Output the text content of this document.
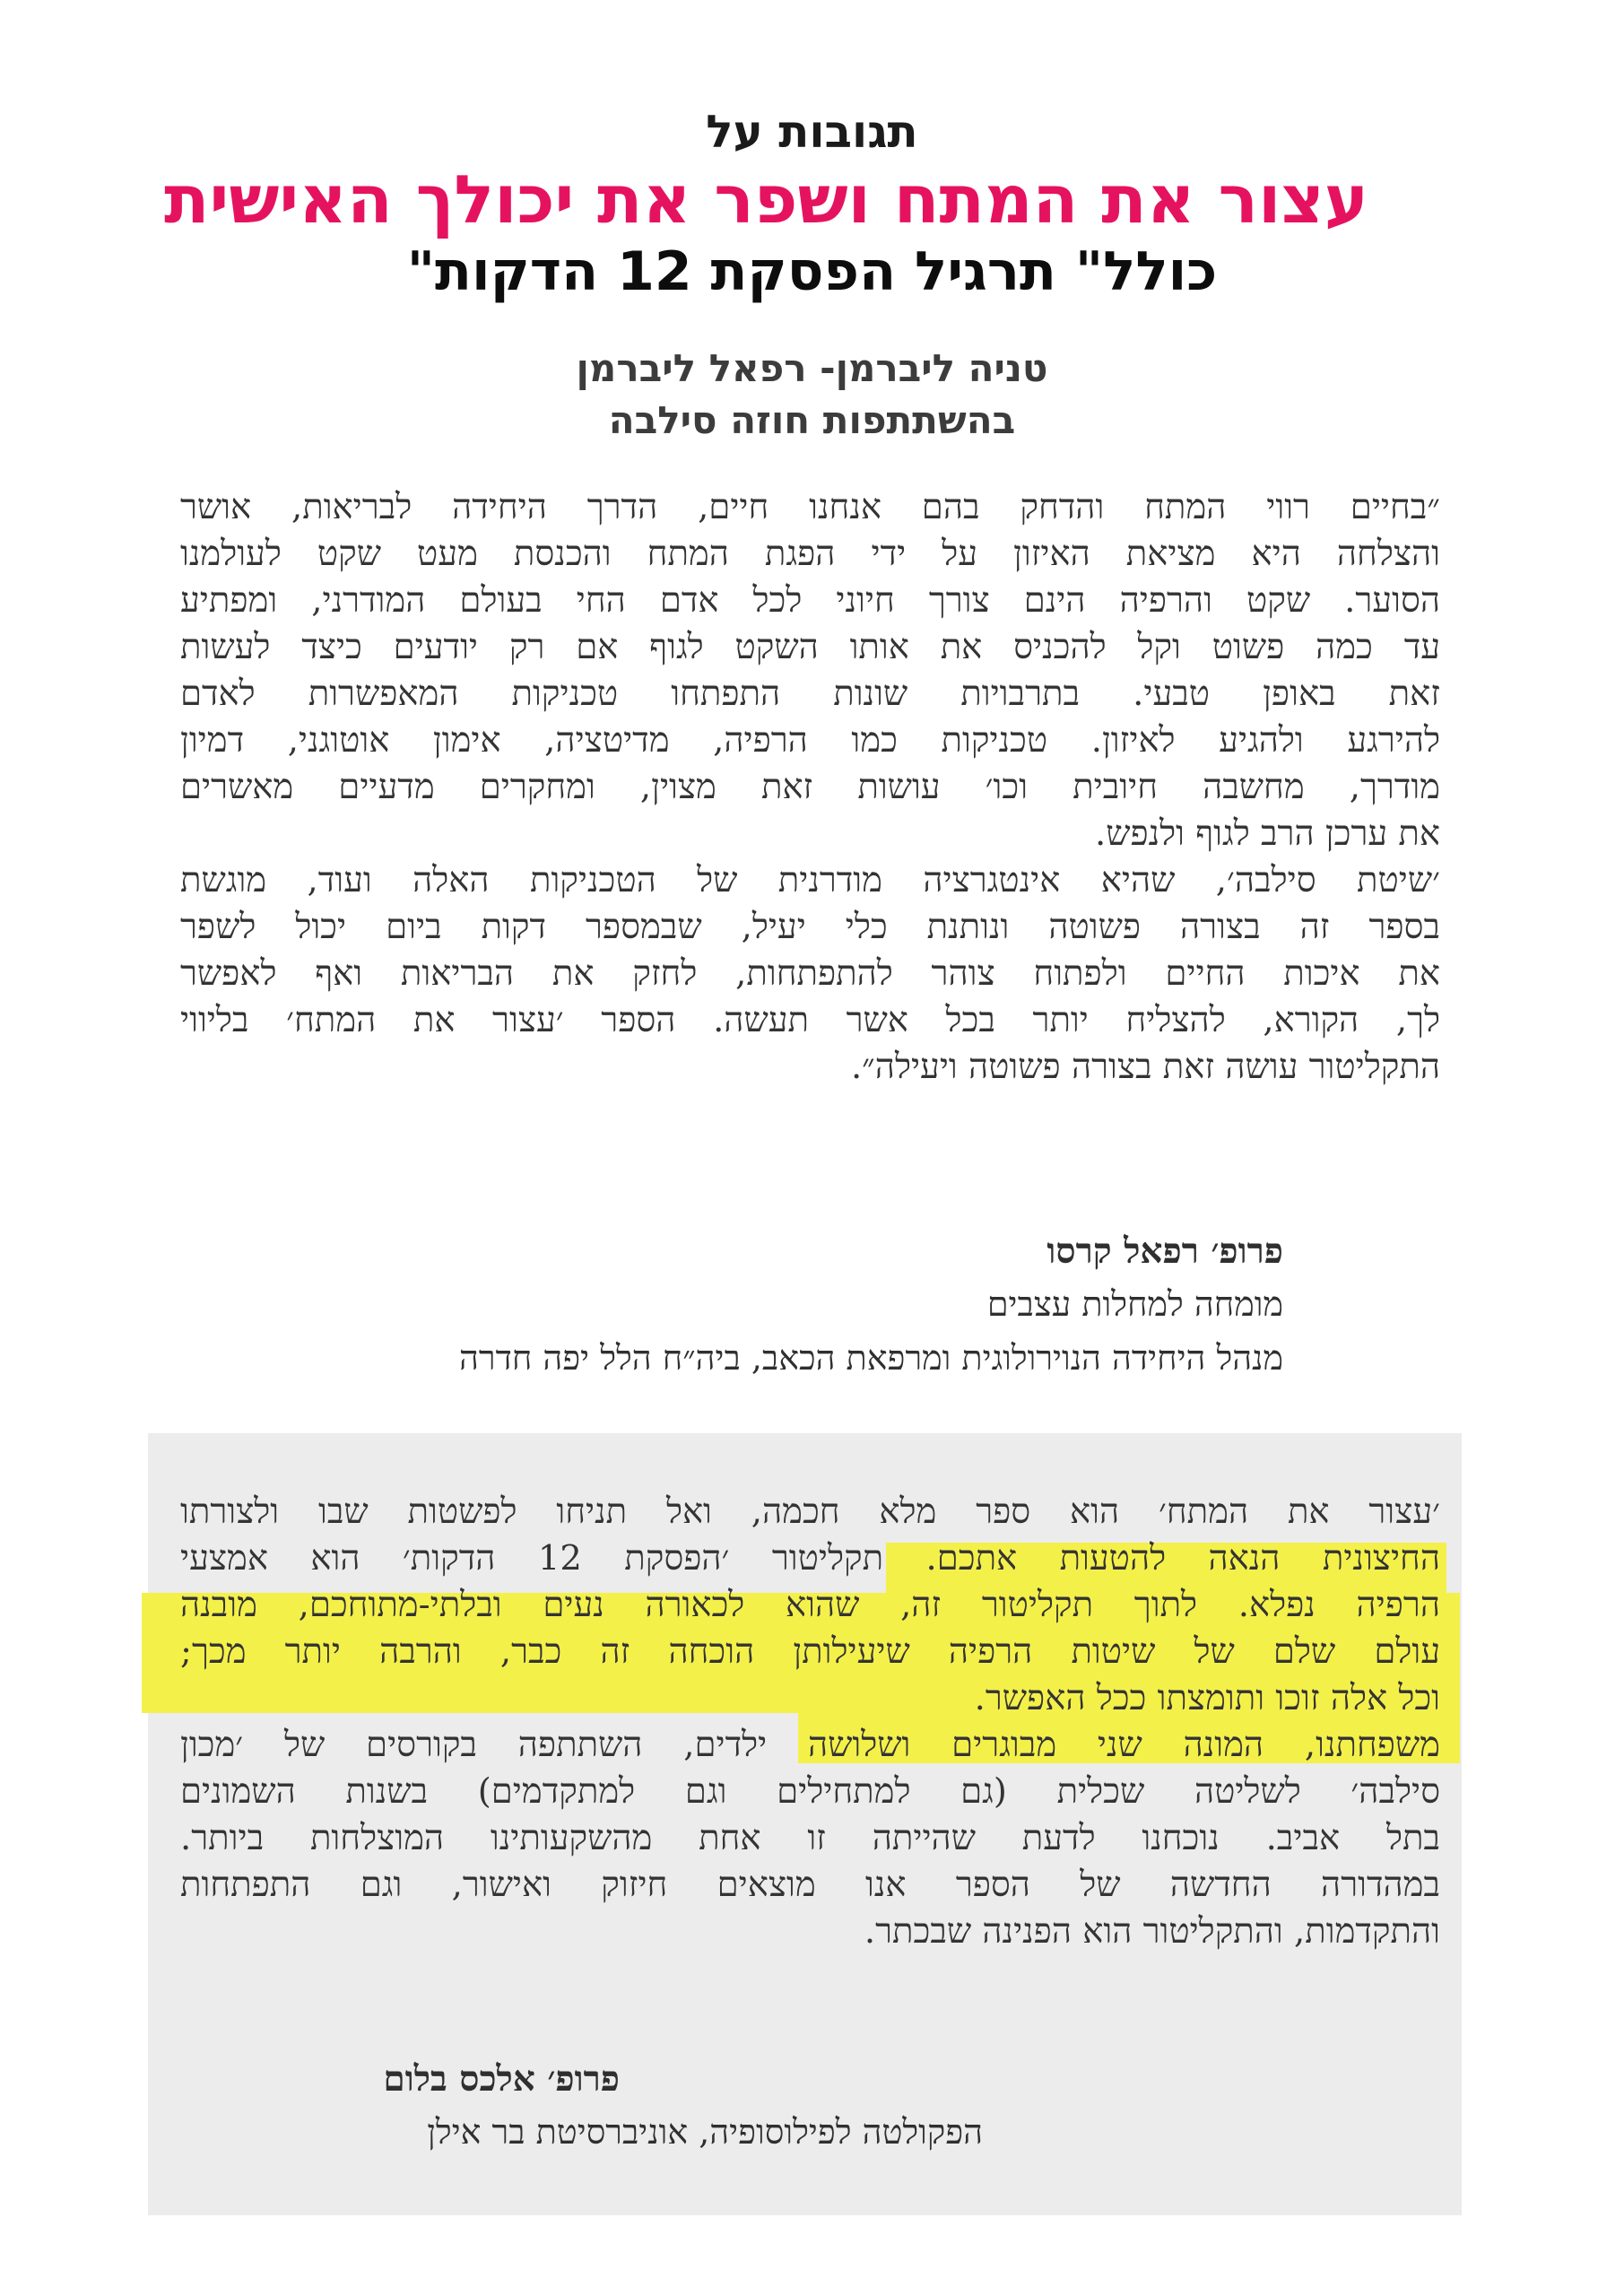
תגובות על
עצור את המתח ושפר את יכולך האישית
כולל" תרגיל הפסקת 12 הדקות"
טניה ליברמן- רפאל ליברמן
בהשתתפות חוזה סילבה
״בחיים רווי המתח והדחק בהם אנחנו חיים, הדרך היחידה לבריאות, אושר
והצלחה היא מציאת האיזון על ידי הפגת המתח והכנסת מעט שקט לעולמנו
הסוער. שקט והרפיה הינם צורך חיוני לכל אדם החי בעולם המודרני, ומפתיע
עד כמה פשוט וקל להכניס את אותו השקט לגוף אם רק יודעים כיצד לעשות
זאת באופן טבעי. בתרבויות שונות התפתחו טכניקות המאפשרות לאדם
להירגע ולהגיע לאיזון. טכניקות כמו הרפיה, מדיטציה, אימון אוטוגני, דמיון
מודרך, מחשבה חיובית וכו׳ עושות זאת מצוין, ומחקרים מדעיים מאשרים
את ערכן הרב לגוף ולנפש.
׳שיטת סילבה׳, שהיא אינטגרציה מודרנית של הטכניקות האלה ועוד, מוגשת
בספר זה בצורה פשוטה ונותנת כלי יעיל, שבמספר דקות ביום יכול לשפר
את איכות החיים ולפתוח צוהר להתפתחות, לחזק את הבריאות ואף לאפשר
לך, הקורא, להצליח יותר בכל אשר תעשה. הספר ׳עצור את המתח׳ בליווי
התקליטור עושה זאת בצורה פשוטה ויעילה״.
פרופ׳ רפאל קרסו
מומחה למחלות עצבים
מנהל היחידה הנוירולוגית ומרפאת הכאב, ביה״ח הלל יפה חדרה
׳עצור את המתח׳ הוא ספר מלא חכמה, ואל תניחו לפשטות שבו ולצורתו
החיצונית הנאה להטעות אתכם. תקליטור ׳הפסקת 12 הדקות׳ הוא אמצעי
הרפיה נפלא. לתוך תקליטור זה, שהוא לכאורה נעים ובלתי-מתוחכם, מובנה
עולם שלם של שיטות הרפיה שיעילותן הוכחה זה כבר, והרבה יותר מכך;
וכל אלה זוכו ותומצתו ככל האפשר.
משפחתנו, המונה שני מבוגרים ושלושה ילדים, השתתפה בקורסים של ׳מכון
סילבה׳ לשליטה שכלית (גם למתחילים וגם למתקדמים) בשנות השמונים
בתל אביב. נוכחנו לדעת שהייתה זו אחת מהשקעותינו המוצלחות ביותר.
במהדורה החדשה של הספר אנו מוצאים חיזוק ואישור, וגם התפתחות
והתקדמות, והתקליטור הוא הפנינה שבכתר.
פרופ׳ אלכס בלום
הפקולטה לפילוסופיה, אוניברסיטת בר אילן
